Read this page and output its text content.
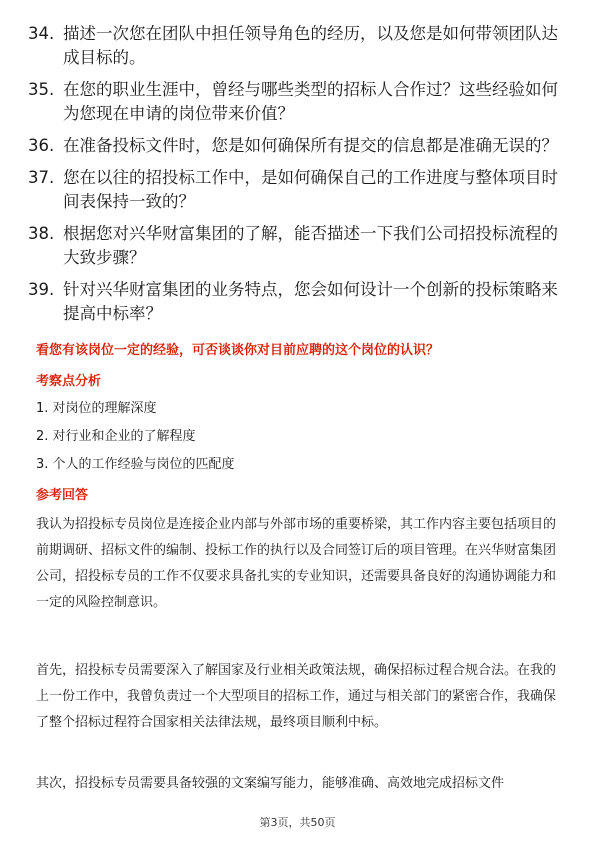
34. 描述一次您在团队中担任领导角色的经历，以及您是如何带领团队达成目标的。
35. 在您的职业生涯中，曾经与哪些类型的招标人合作过？这些经验如何为您现在申请的岗位带来价值？
36. 在准备投标文件时，您是如何确保所有提交的信息都是准确无误的？
37. 您在以往的招投标工作中，是如何确保自己的工作进度与整体项目时间表保持一致的？
38. 根据您对兴华财富集团的了解，能否描述一下我们公司招投标流程的大致步骤？
39. 针对兴华财富集团的业务特点，您会如何设计一个创新的投标策略来提高中标率？
看您有该岗位一定的经验，可否谈谈你对目前应聘的这个岗位的认识？
考察点分析
1. 对岗位的理解深度
2. 对行业和企业的了解程度
3. 个人的工作经验与岗位的匹配度
参考回答
我认为招投标专员岗位是连接企业内部与外部市场的重要桥梁，其工作内容主要包括项目的前期调研、招标文件的编制、投标工作的执行以及合同签订后的项目管理。在兴华财富集团公司，招投标专员的工作不仅要求具备扎实的专业知识，还需要具备良好的沟通协调能力和一定的风险控制意识。
首先，招投标专员需要深入了解国家及行业相关政策法规，确保招标过程合规合法。在我的上一份工作中，我曾负责过一个大型项目的招标工作，通过与相关部门的紧密合作，我确保了整个招标过程符合国家相关法律法规，最终项目顺利中标。
其次，招投标专员需要具备较强的文案编写能力，能够准确、高效地完成招标文件
第3页，共50页
